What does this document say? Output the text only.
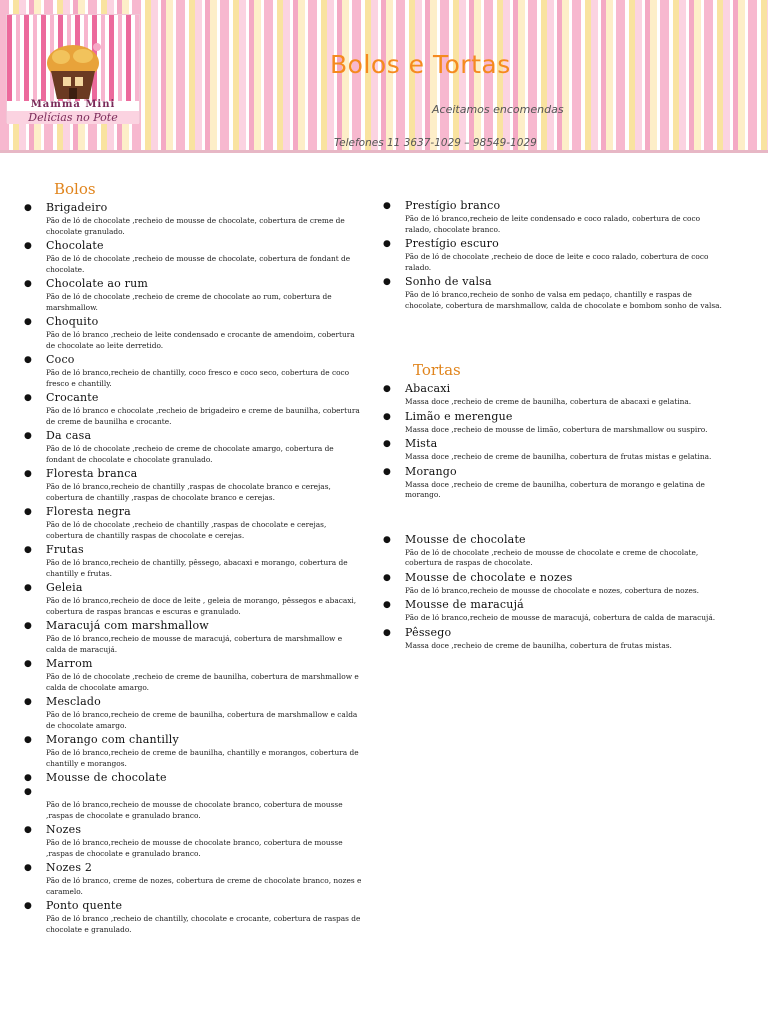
Mamma Mini
Delícias no Pote
Bolos e Tortas
Aceitamos encomendas
Telefones 11 3637-1029 – 98549-1029
Bolos
● Brigadeiro
Pão de ló de chocolate ,recheio de mousse de chocolate, cobertura de creme de chocolate granulado.
● Chocolate
Pão de ló de chocolate ,recheio de mousse de chocolate, cobertura de fondant de chocolate.
● Chocolate ao rum
Pão de ló de chocolate ,recheio de creme de chocolate ao rum, cobertura de marshmallow.
● Choquito
Pão de ló branco ,recheio de leite condensado e crocante de amendoim, cobertura de chocolate ao leite derretido.
● Coco
Pão de ló branco,recheio de chantilly, coco fresco e coco seco, cobertura de coco fresco e chantilly.
● Crocante
Pão de ló branco e chocolate ,recheio de brigadeiro e creme de baunilha, cobertura de creme de baunilha e crocante.
● Da casa
Pão de ló de chocolate ,recheio de creme de chocolate amargo, cobertura de fondant de chocolate e chocolate granulado.
● Floresta branca
Pão de ló branco,recheio de chantilly ,raspas de chocolate branco e cerejas, cobertura de chantilly ,raspas de chocolate branco e cerejas.
● Floresta negra
Pão de ló de chocolate ,recheio de chantilly ,raspas de chocolate e cerejas, cobertura de chantilly raspas de chocolate e cerejas.
● Frutas
Pão de ló branco,recheio de chantilly, pêssego, abacaxi e morango, cobertura de chantilly e frutas.
● Geleia
Pão de ló branco,recheio de doce de leite , geleia de morango, pêssegos e abacaxi, cobertura de raspas brancas e escuras e granulado.
● Maracujá com marshmallow
Pão de ló branco,recheio de mousse de maracujá, cobertura de marshmallow e calda de maracujá.
● Marrom
Pão de ló de chocolate ,recheio de creme de baunilha, cobertura de marshmallow e calda de chocolate amargo.
● Mesclado
Pão de ló branco,recheio de creme de baunilha, cobertura de marshmallow e calda de chocolate amargo.
● Morango com chantilly
Pão de ló branco,recheio de creme de baunilha, chantilly e morangos, cobertura de chantilly e morangos.
● Mousse de chocolate
●
Pão de ló branco,recheio de mousse de chocolate branco, cobertura de mousse ,raspas de chocolate e granulado branco.
● Nozes
Pão de ló branco,recheio de mousse de chocolate branco, cobertura de mousse ,raspas de chocolate e granulado branco.
● Nozes 2
Pão de ló branco, creme de nozes, cobertura de creme de chocolate branco, nozes e caramelo.
● Ponto quente
Pão de ló branco ,recheio de chantilly, chocolate e crocante, cobertura de raspas de chocolate e granulado.
● Prestígio branco
Pão de ló branco,recheio de leite condensado e coco ralado, cobertura de coco ralado, chocolate branco.
● Prestígio escuro
Pão de ló de chocolate ,recheio de doce de leite e coco ralado, cobertura de coco ralado.
● Sonho de valsa
Pão de ló branco,recheio de sonho de valsa em pedaço, chantilly e raspas de chocolate, cobertura de marshmallow, calda de chocolate e bombom sonho de valsa.
Tortas
● Abacaxi
Massa doce ,recheio de creme de baunilha, cobertura de abacaxi e gelatina.
● Limão e merengue
Massa doce ,recheio de mousse de limão, cobertura de marshmallow ou suspiro.
● Mista
Massa doce ,recheio de creme de baunilha, cobertura de frutas mistas e gelatina.
● Morango
Massa doce ,recheio de creme de baunilha, cobertura de morango e gelatina de morango.
● Mousse de chocolate
Pão de ló de chocolate ,recheio de mousse de chocolate e creme de chocolate, cobertura de raspas de chocolate.
● Mousse de chocolate e nozes
Pão de ló branco,recheio de mousse de chocolate e nozes, cobertura de nozes.
● Mousse de maracujá
Pão de ló branco,recheio de mousse de maracujá, cobertura de calda de maracujá.
● Pêssego
Massa doce ,recheio de creme de baunilha, cobertura de frutas mistas.
